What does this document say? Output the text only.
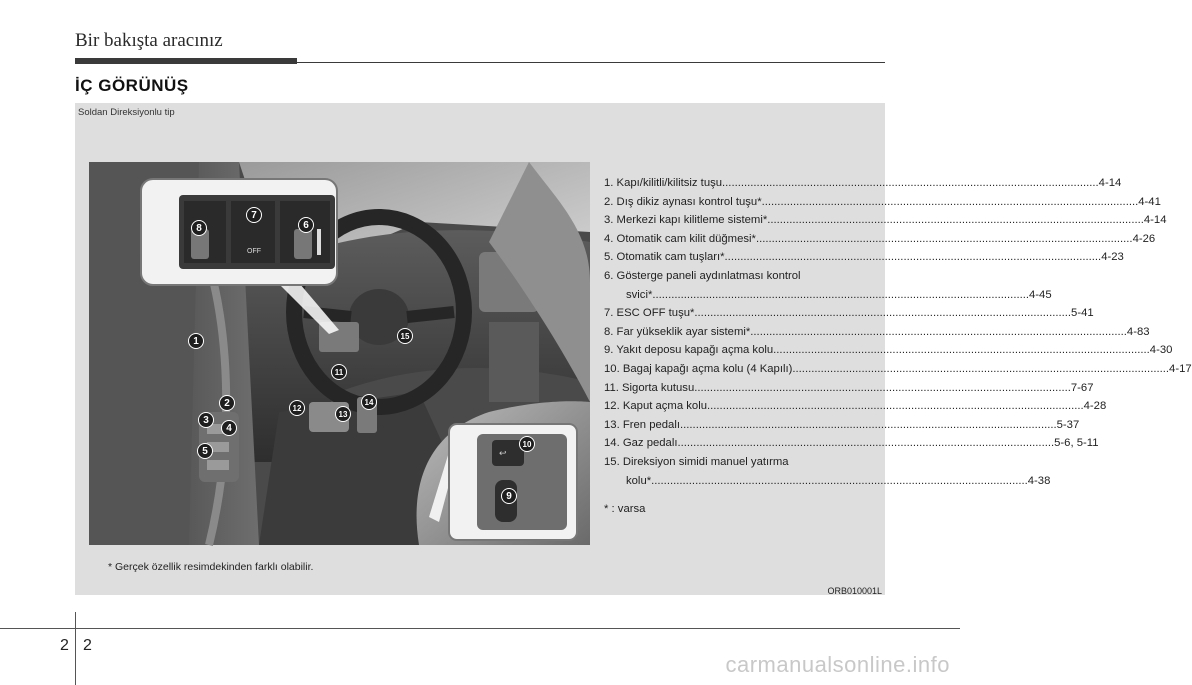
Bir bakışta aracınız
İÇ GÖRÜNÜŞ
Soldan Direksiyonlu tip
OFF
↩
1
2
3
4
5
6
7
8
9
10
11
12
13
14
15
1. Kapı/kilitli/kilitsiz tuşu ........................................................................................................................ 4-14
2. Dış dikiz aynası kontrol tuşu* ........................................................................................................................ 4-41
3. Merkezi kapı kilitleme sistemi* ........................................................................................................................ 4-14
4. Otomatik cam kilit düğmesi* ........................................................................................................................ 4-26
5. Otomatik cam tuşları* ........................................................................................................................ 4-23
6. Gösterge paneli aydınlatması kontrol
svici* ........................................................................................................................ 4-45
7. ESC OFF tuşu* ........................................................................................................................ 5-41
8. Far yükseklik ayar sistemi* ........................................................................................................................ 4-83
9. Yakıt deposu kapağı açma kolu ........................................................................................................................ 4-30
10. Bagaj kapağı açma kolu (4 Kapılı) ........................................................................................................................ 4-17
11. Sigorta kutusu ........................................................................................................................ 7-67
12. Kaput açma kolu ........................................................................................................................ 4-28
13. Fren pedalı ........................................................................................................................ 5-37
14. Gaz pedalı ........................................................................................................................ 5-6, 5-11
15. Direksiyon simidi manuel yatırma
kolu* ........................................................................................................................ 4-38
* : varsa
* Gerçek özellik resimdekinden farklı olabilir.
ORB010001L
2 2
carmanualsonline.info
